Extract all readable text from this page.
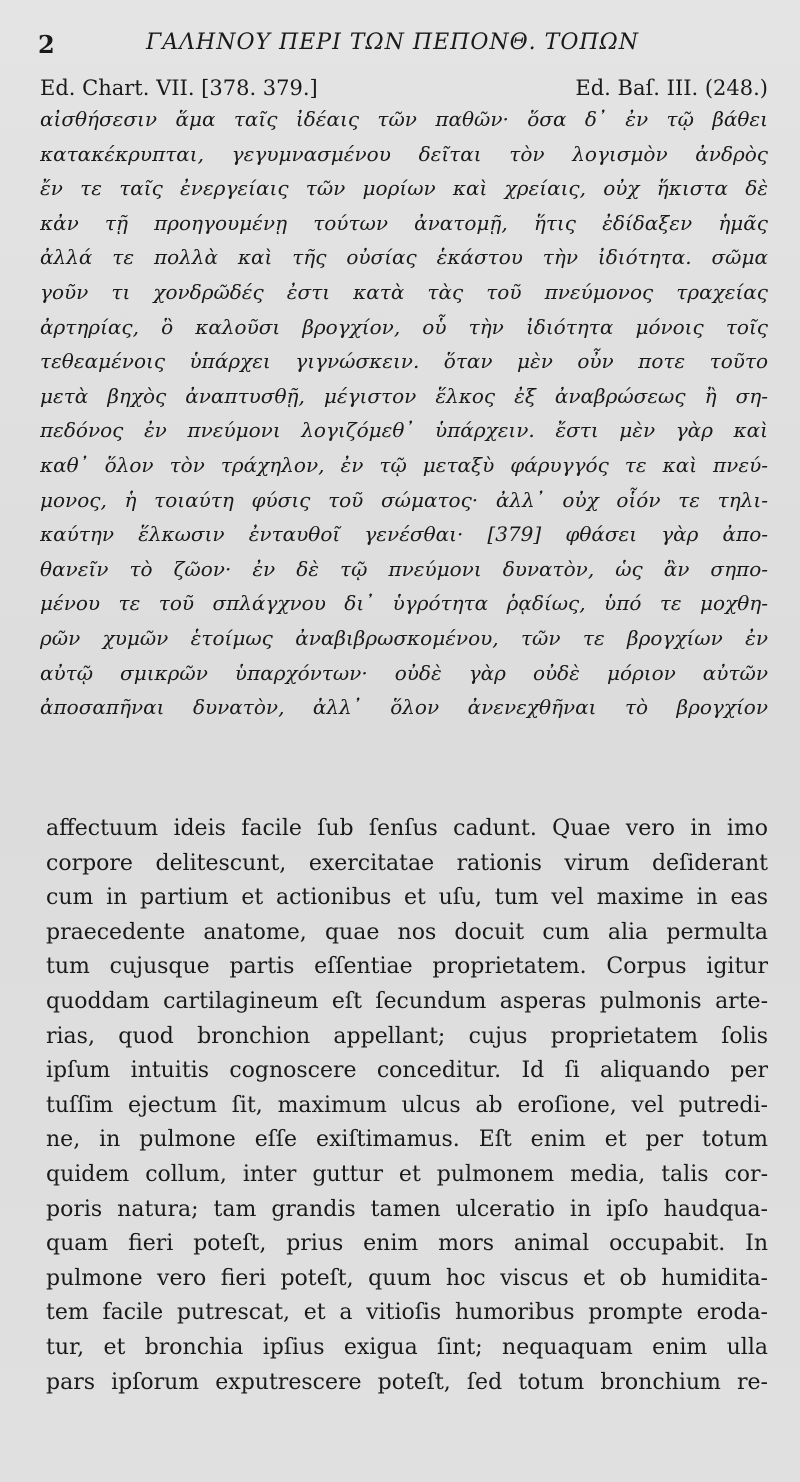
2	ΓΑΛΗΝΟΥ ΠΕΡΙ ΤΩΝ ΠΕΠΟΝΘ. ΤΟΠΩΝ
Ed. Chart. VII. [378. 379.]	Ed. Baſ. III. (248.)
αἰσθήσεσιν ἅμα ταῖς ἰδέαις τῶν παθῶν· ὅσα δ᾽ ἐν τῷ βάθει
κατακέκρυπται, γεγυμνασμένου δεῖται τὸν λογισμὸν ἀνδρὸς
ἔν τε ταῖς ἐνεργείαις τῶν μορίων καὶ χρείαις, οὐχ ἥκιστα δὲ
κἀν τῇ προηγουμένῃ τούτων ἀνατομῇ, ἥτις ἐδίδαξεν ἡμᾶς
ἀλλά τε πολλὰ καὶ τῆς οὐσίας ἑκάστου τὴν ἰδιότητα. σῶμα
γοῦν τι χονδρῶδές ἐστι κατὰ τὰς τοῦ πνεύμονος τραχείας
ἀρτηρίας, ὃ καλοῦσι βρογχίον, οὗ τὴν ἰδιότητα μόνοις τοῖς
τεθεαμένοις ὑπάρχει γιγνώσκειν. ὅταν μὲν οὖν ποτε τοῦτο
μετὰ βηχὸς ἀναπτυσθῇ, μέγιστον ἕλκος ἐξ ἀναβρώσεως ἢ ση-
πεδόνος ἐν πνεύμονι λογιζόμεθ᾽ ὑπάρχειν. ἔστι μὲν γὰρ καὶ
καθ᾽ ὅλον τὸν τράχηλον, ἐν τῷ μεταξὺ φάρυγγός τε καὶ πνεύ-
μονος, ἡ τοιαύτη φύσις τοῦ σώματος· ἀλλ᾽ οὐχ οἷόν τε τηλι-
καύτην ἕλκωσιν ἐνταυθοῖ γενέσθαι· [379] φθάσει γὰρ ἀπο-
θανεῖν τὸ ζῶον· ἐν δὲ τῷ πνεύμονι δυνατὸν, ὡς ἂν σηπο-
μένου τε τοῦ σπλάγχνου δι᾽ ὑγρότητα ῥᾳδίως, ὑπό τε μοχθη-
ρῶν χυμῶν ἑτοίμως ἀναβιβρωσκομένου, τῶν τε βρογχίων ἐν
αὐτῷ σμικρῶν ὑπαρχόντων· οὐδὲ γὰρ οὐδὲ μόριον αὐτῶν
ἀποσαπῆναι δυνατὸν, ἀλλ᾽ ὅλον ἀνενεχθῆναι τὸ βρογχίον
affectuum ideis facile ſub ſenſus cadunt. Quae vero in imo
corpore delitescunt, exercitatae rationis virum deſiderant
cum in partium et actionibus et uſu, tum vel maxime in eas
praecedente anatome, quae nos docuit cum alia permulta
tum cujusque partis eſſentiae proprietatem. Corpus igitur
quoddam cartilagineum eſt ſecundum asperas pulmonis arte-
rias, quod bronchion appellant; cujus proprietatem ſolis
ipſum intuitis cognoscere conceditur. Id ſi aliquando per
tuſſim ejectum ſit, maximum ulcus ab eroſione, vel putredi-
ne, in pulmone eſſe exiſtimamus. Eſt enim et per totum
quidem collum, inter guttur et pulmonem media, talis cor-
poris natura; tam grandis tamen ulceratio in ipſo haudqua-
quam fieri poteſt, prius enim mors animal occupabit. In
pulmone vero fieri poteſt, quum hoc viscus et ob humidita-
tem facile putrescat, et a vitioſis humoribus prompte eroda-
tur, et bronchia ipſius exigua ſint; nequaquam enim ulla
pars ipſorum exputrescere poteſt, ſed totum bronchium re-
